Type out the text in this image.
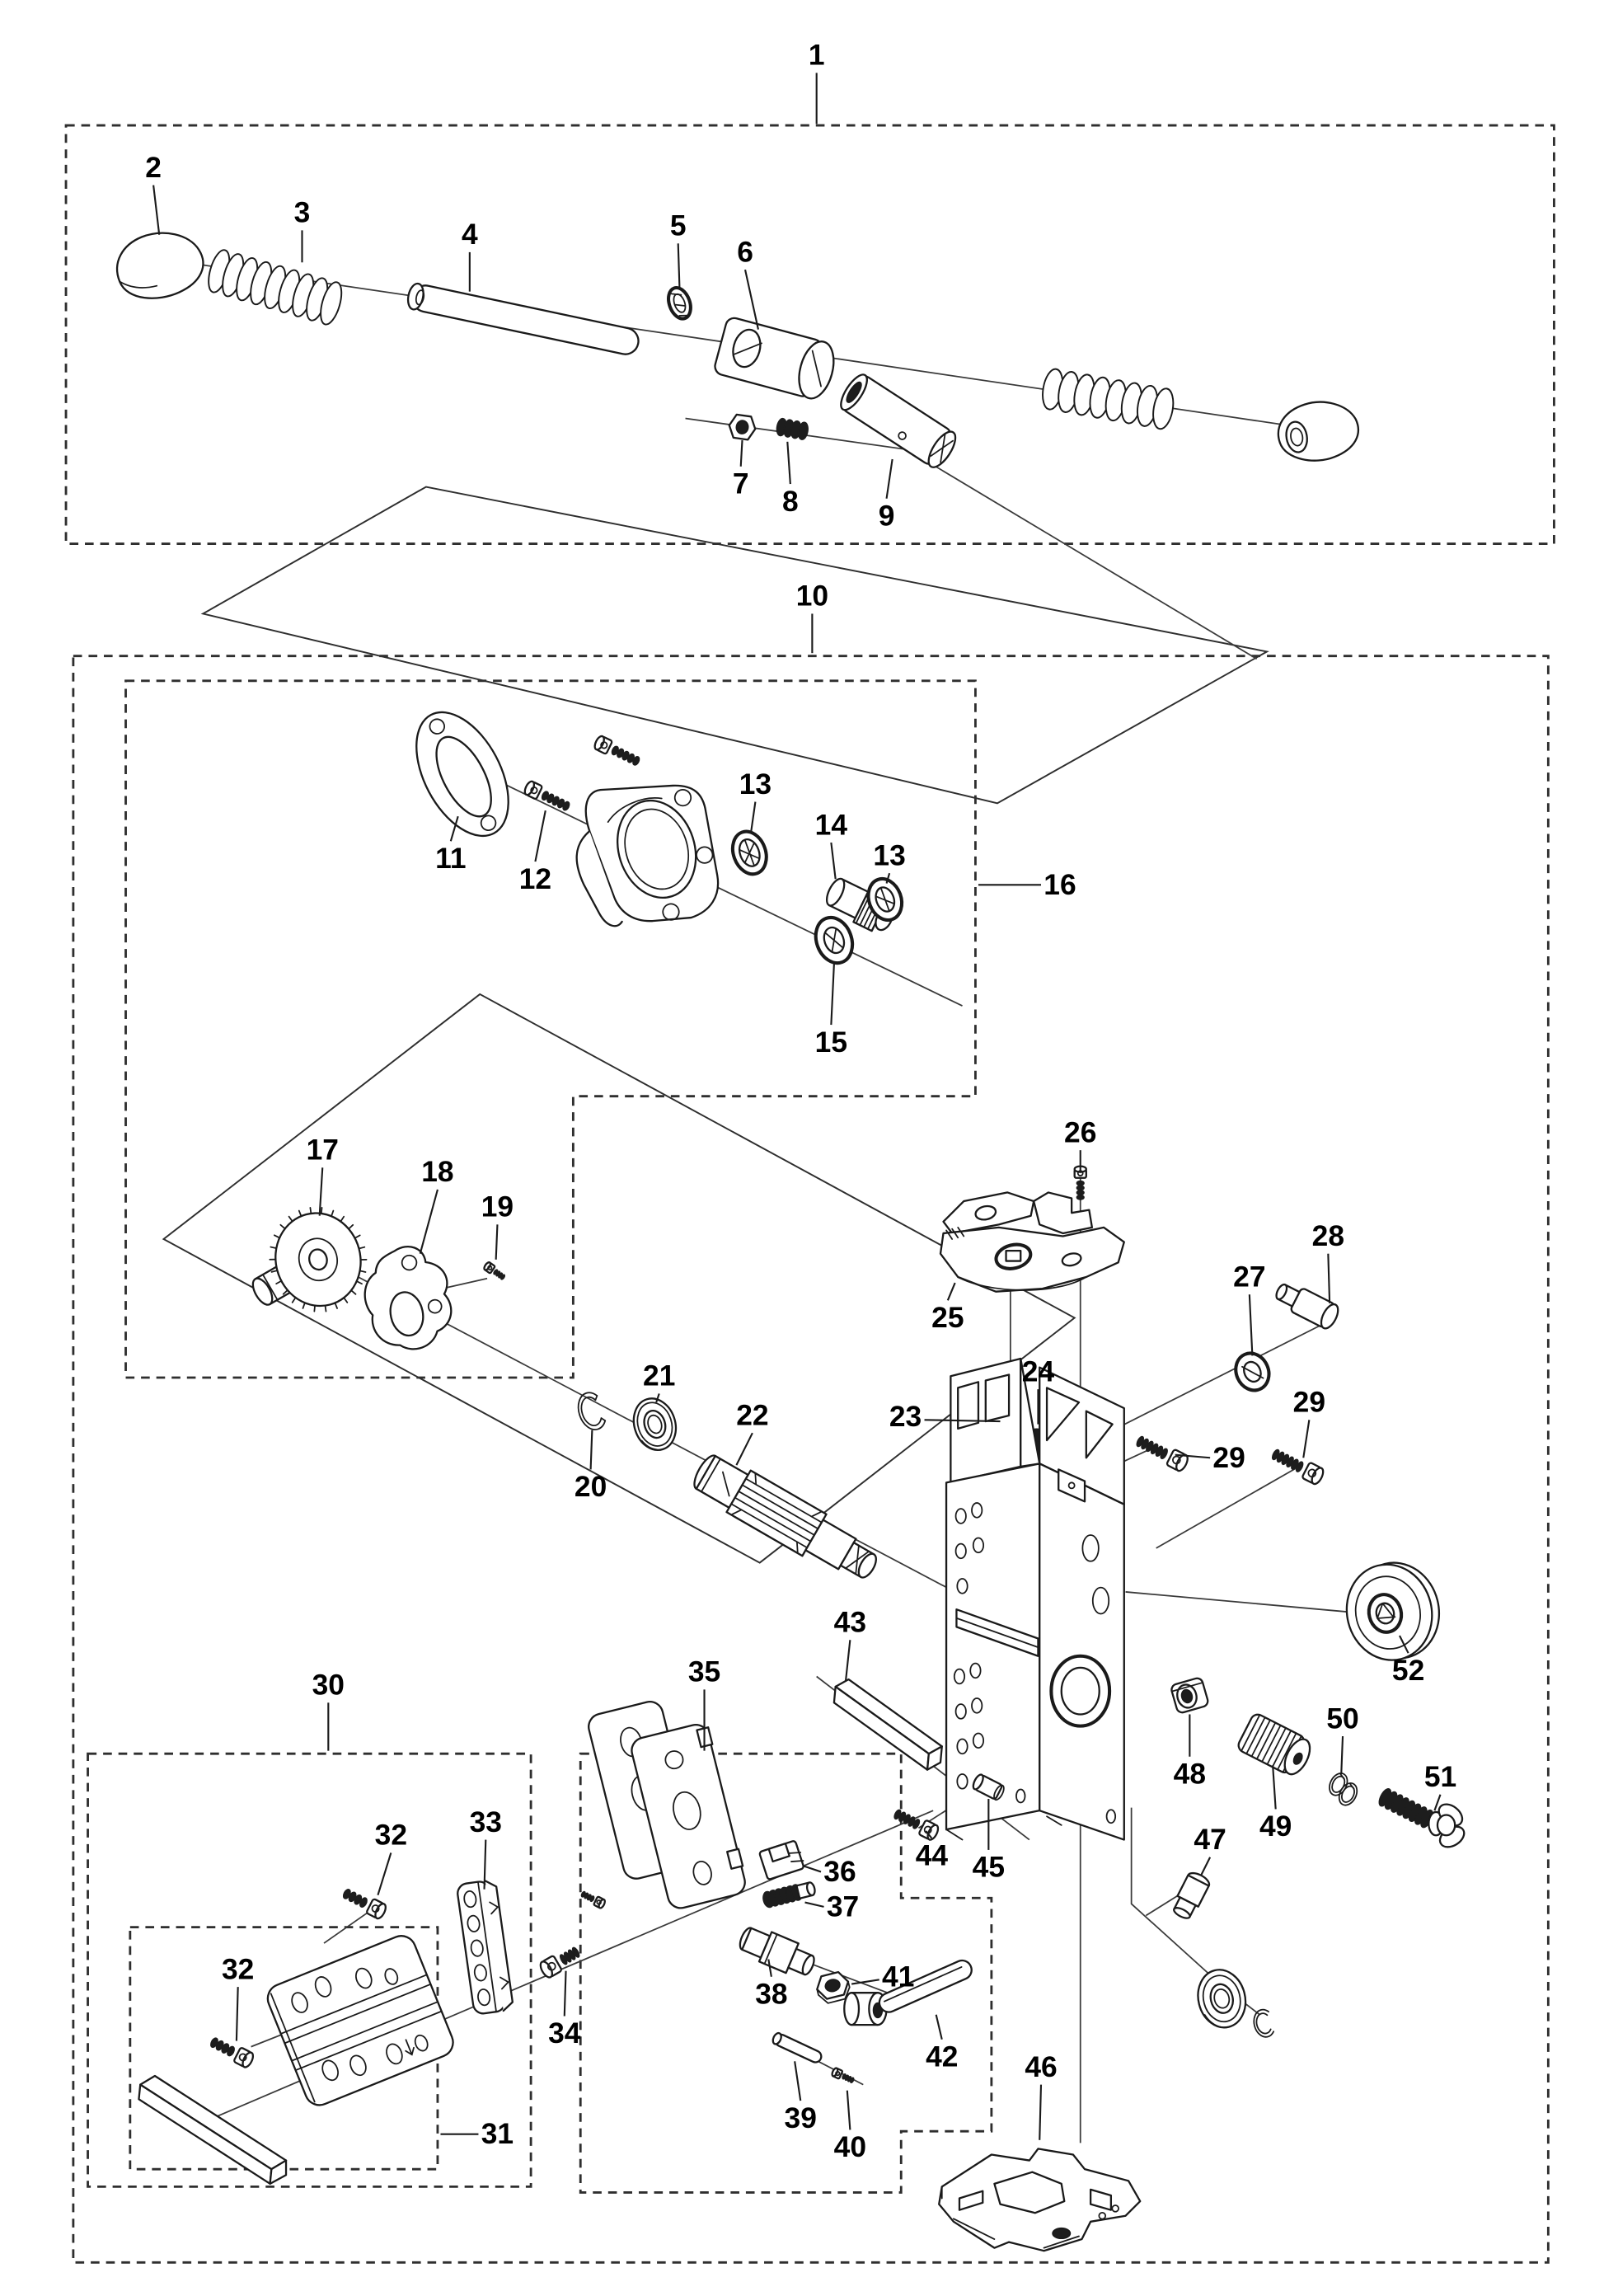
1
2
3
4	5
6
7
8	9
10
11
12
13
14
13
15
16
17
18
19
20
21
22	23
24
25
26
27
28
29
29
30
31
32
32
33
34
35
36
37
38
39
40
41
42
43
44 45
46
47
48
49
50
51
52
